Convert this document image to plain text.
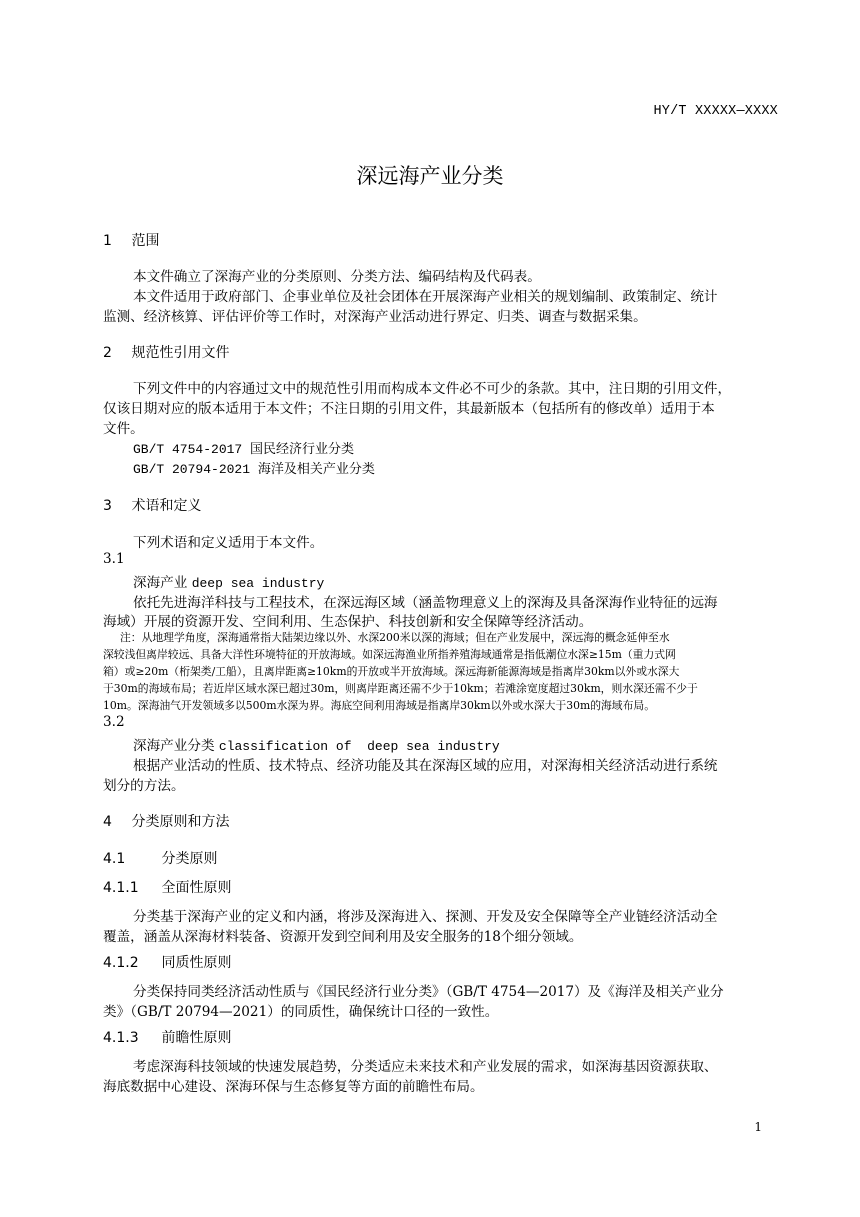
HY/T XXXXX—XXXX
深远海产业分类
1 范围
本文件确立了深海产业的分类原则、分类方法、编码结构及代码表。
本文件适用于政府部门、企事业单位及社会团体在开展深海产业相关的规划编制、政策制定、统计
监测、经济核算、评估评价等工作时，对深海产业活动进行界定、归类、调查与数据采集。
2 规范性引用文件
下列文件中的内容通过文中的规范性引用而构成本文件必不可少的条款。其中，注日期的引用文件，
仅该日期对应的版本适用于本文件；不注日期的引用文件，其最新版本（包括所有的修改单）适用于本
文件。
GB/T 4754-2017 国民经济行业分类
GB/T 20794-2021 海洋及相关产业分类
3 术语和定义
下列术语和定义适用于本文件。
3.1
深海产业 deep sea industry
依托先进海洋科技与工程技术，在深远海区域（涵盖物理意义上的深海及具备深海作业特征的远海
海域）开展的资源开发、空间利用、生态保护、科技创新和安全保障等经济活动。
注：从地理学角度，深海通常指大陆架边缘以外、水深200米以深的海域；但在产业发展中，深远海的概念延伸至水
深较浅但离岸较远、具备大洋性环境特征的开放海域。如深远海渔业所指养殖海域通常是指低潮位水深≥15m（重力式网
箱）或≥20m（桁架类/工船），且离岸距离≥10km的开放或半开放海域。深远海新能源海域是指离岸30km以外或水深大
于30m的海域布局；若近岸区域水深已超过30m，则离岸距离还需不少于10km；若滩涂宽度超过30km，则水深还需不少于
10m。深海油气开发领域多以500m水深为界。海底空间利用海域是指离岸30km以外或水深大于30m的海域布局。
3.2
深海产业分类 classification of  deep sea industry
根据产业活动的性质、技术特点、经济功能及其在深海区域的应用，对深海相关经济活动进行系统
划分的方法。
4 分类原则和方法
4.1	分类原则
4.1.1 全面性原则
分类基于深海产业的定义和内涵，将涉及深海进入、探测、开发及安全保障等全产业链经济活动全
覆盖，涵盖从深海材料装备、资源开发到空间利用及安全服务的18个细分领域。
4.1.2 同质性原则
分类保持同类经济活动性质与《国民经济行业分类》（GB/T 4754—2017）及《海洋及相关产业分
类》（GB/T 20794—2021）的同质性，确保统计口径的一致性。
4.1.3 前瞻性原则
考虑深海科技领域的快速发展趋势，分类适应未来技术和产业发展的需求，如深海基因资源获取、
海底数据中心建设、深海环保与生态修复等方面的前瞻性布局。
1
